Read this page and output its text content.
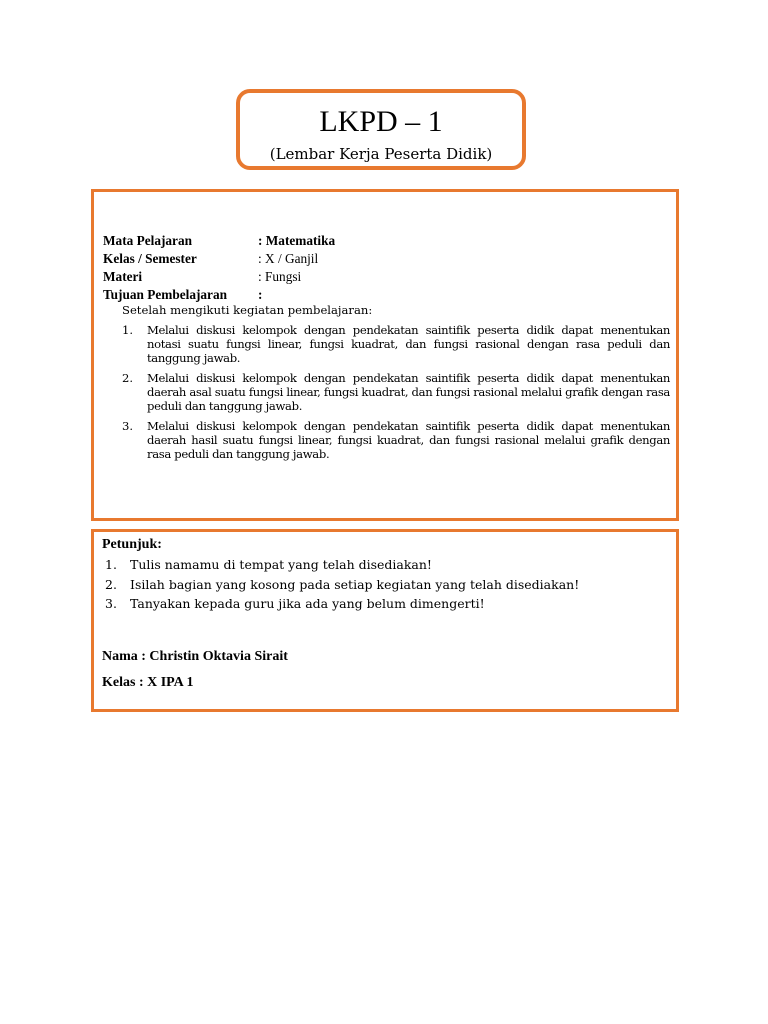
LKPD – 1
(Lembar Kerja Peserta Didik)
Mata Pelajaran	: Matematika
Kelas / Semester	: X / Ganjil
Materi	: Fungsi
Tujuan Pembelajaran	:
Setelah mengikuti kegiatan pembelajaran:
1.	Melalui diskusi kelompok dengan pendekatan saintifik peserta didik dapat menentukan notasi suatu fungsi linear, fungsi kuadrat, dan fungsi rasional dengan rasa peduli dan tanggung jawab.
2.	Melalui diskusi kelompok dengan pendekatan saintifik peserta didik dapat menentukan daerah asal suatu fungsi linear, fungsi kuadrat, dan fungsi rasional melalui grafik dengan rasa peduli dan tanggung jawab.
3.	Melalui diskusi kelompok dengan pendekatan saintifik peserta didik dapat menentukan daerah hasil suatu fungsi linear, fungsi kuadrat, dan fungsi rasional melalui grafik dengan rasa peduli dan tanggung jawab.
Petunjuk:
1.	Tulis namamu di tempat yang telah disediakan!
2.	Isilah bagian yang kosong pada setiap kegiatan yang telah disediakan!
3.	Tanyakan kepada guru jika ada yang belum dimengerti!
Nama : Christin Oktavia Sirait
Kelas : X IPA 1
